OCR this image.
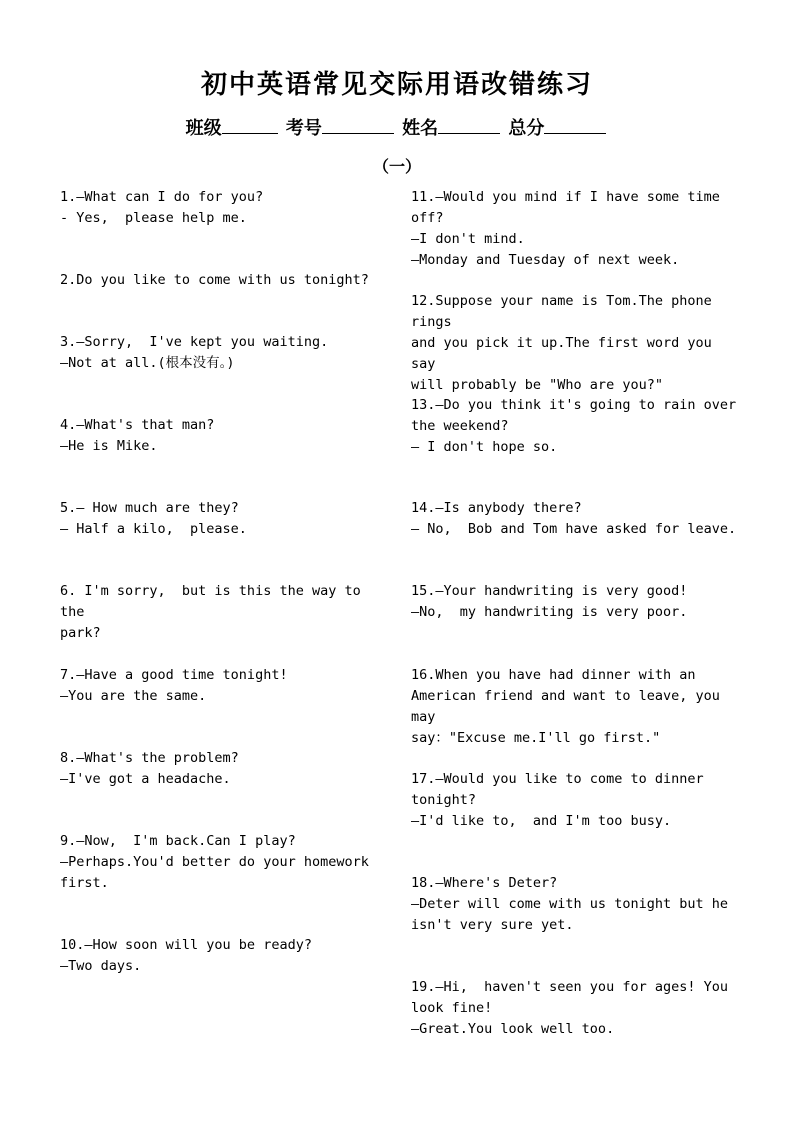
初中英语常见交际用语改错练习
班级	考号	姓名	总分
（一）
1.—What can I do for you?
- Yes,  please help me.
2.Do you like to come with us tonight?
3.—Sorry,  I've kept you waiting.
—Not at all.(根本没有。)
4.—What's that man?
—He is Mike.
5.— How much are they?
— Half a kilo,  please.
6. I'm sorry,  but is this the way to the
park?
7.—Have a good time tonight!
—You are the same.
8.—What's the problem?
—I've got a headache.
9.—Now,  I'm back.Can I play?
—Perhaps.You'd better do your homework
first.
10.—How soon will you be ready?
—Two days.
11.—Would you mind if I have some time off?
—I don't mind.
—Monday and Tuesday of next week.
12.Suppose your name is Tom.The phone rings
and you pick it up.The first word you say
will probably be "Who are you?"
13.—Do you think it's going to rain over
the weekend?
— I don't hope so.
14.—Is anybody there?
— No,  Bob and Tom have asked for leave.
15.—Your handwriting is very good!
—No,  my handwriting is very poor.
16.When you have had dinner with an
American friend and want to leave, you may
say："Excuse me.I'll go first."
17.—Would you like to come to dinner
tonight?
—I'd like to,  and I'm too busy.
18.—Where's Deter?
—Deter will come with us tonight but he
isn't very sure yet.
19.—Hi,  haven't seen you for ages! You
look fine!
—Great.You look well too.
